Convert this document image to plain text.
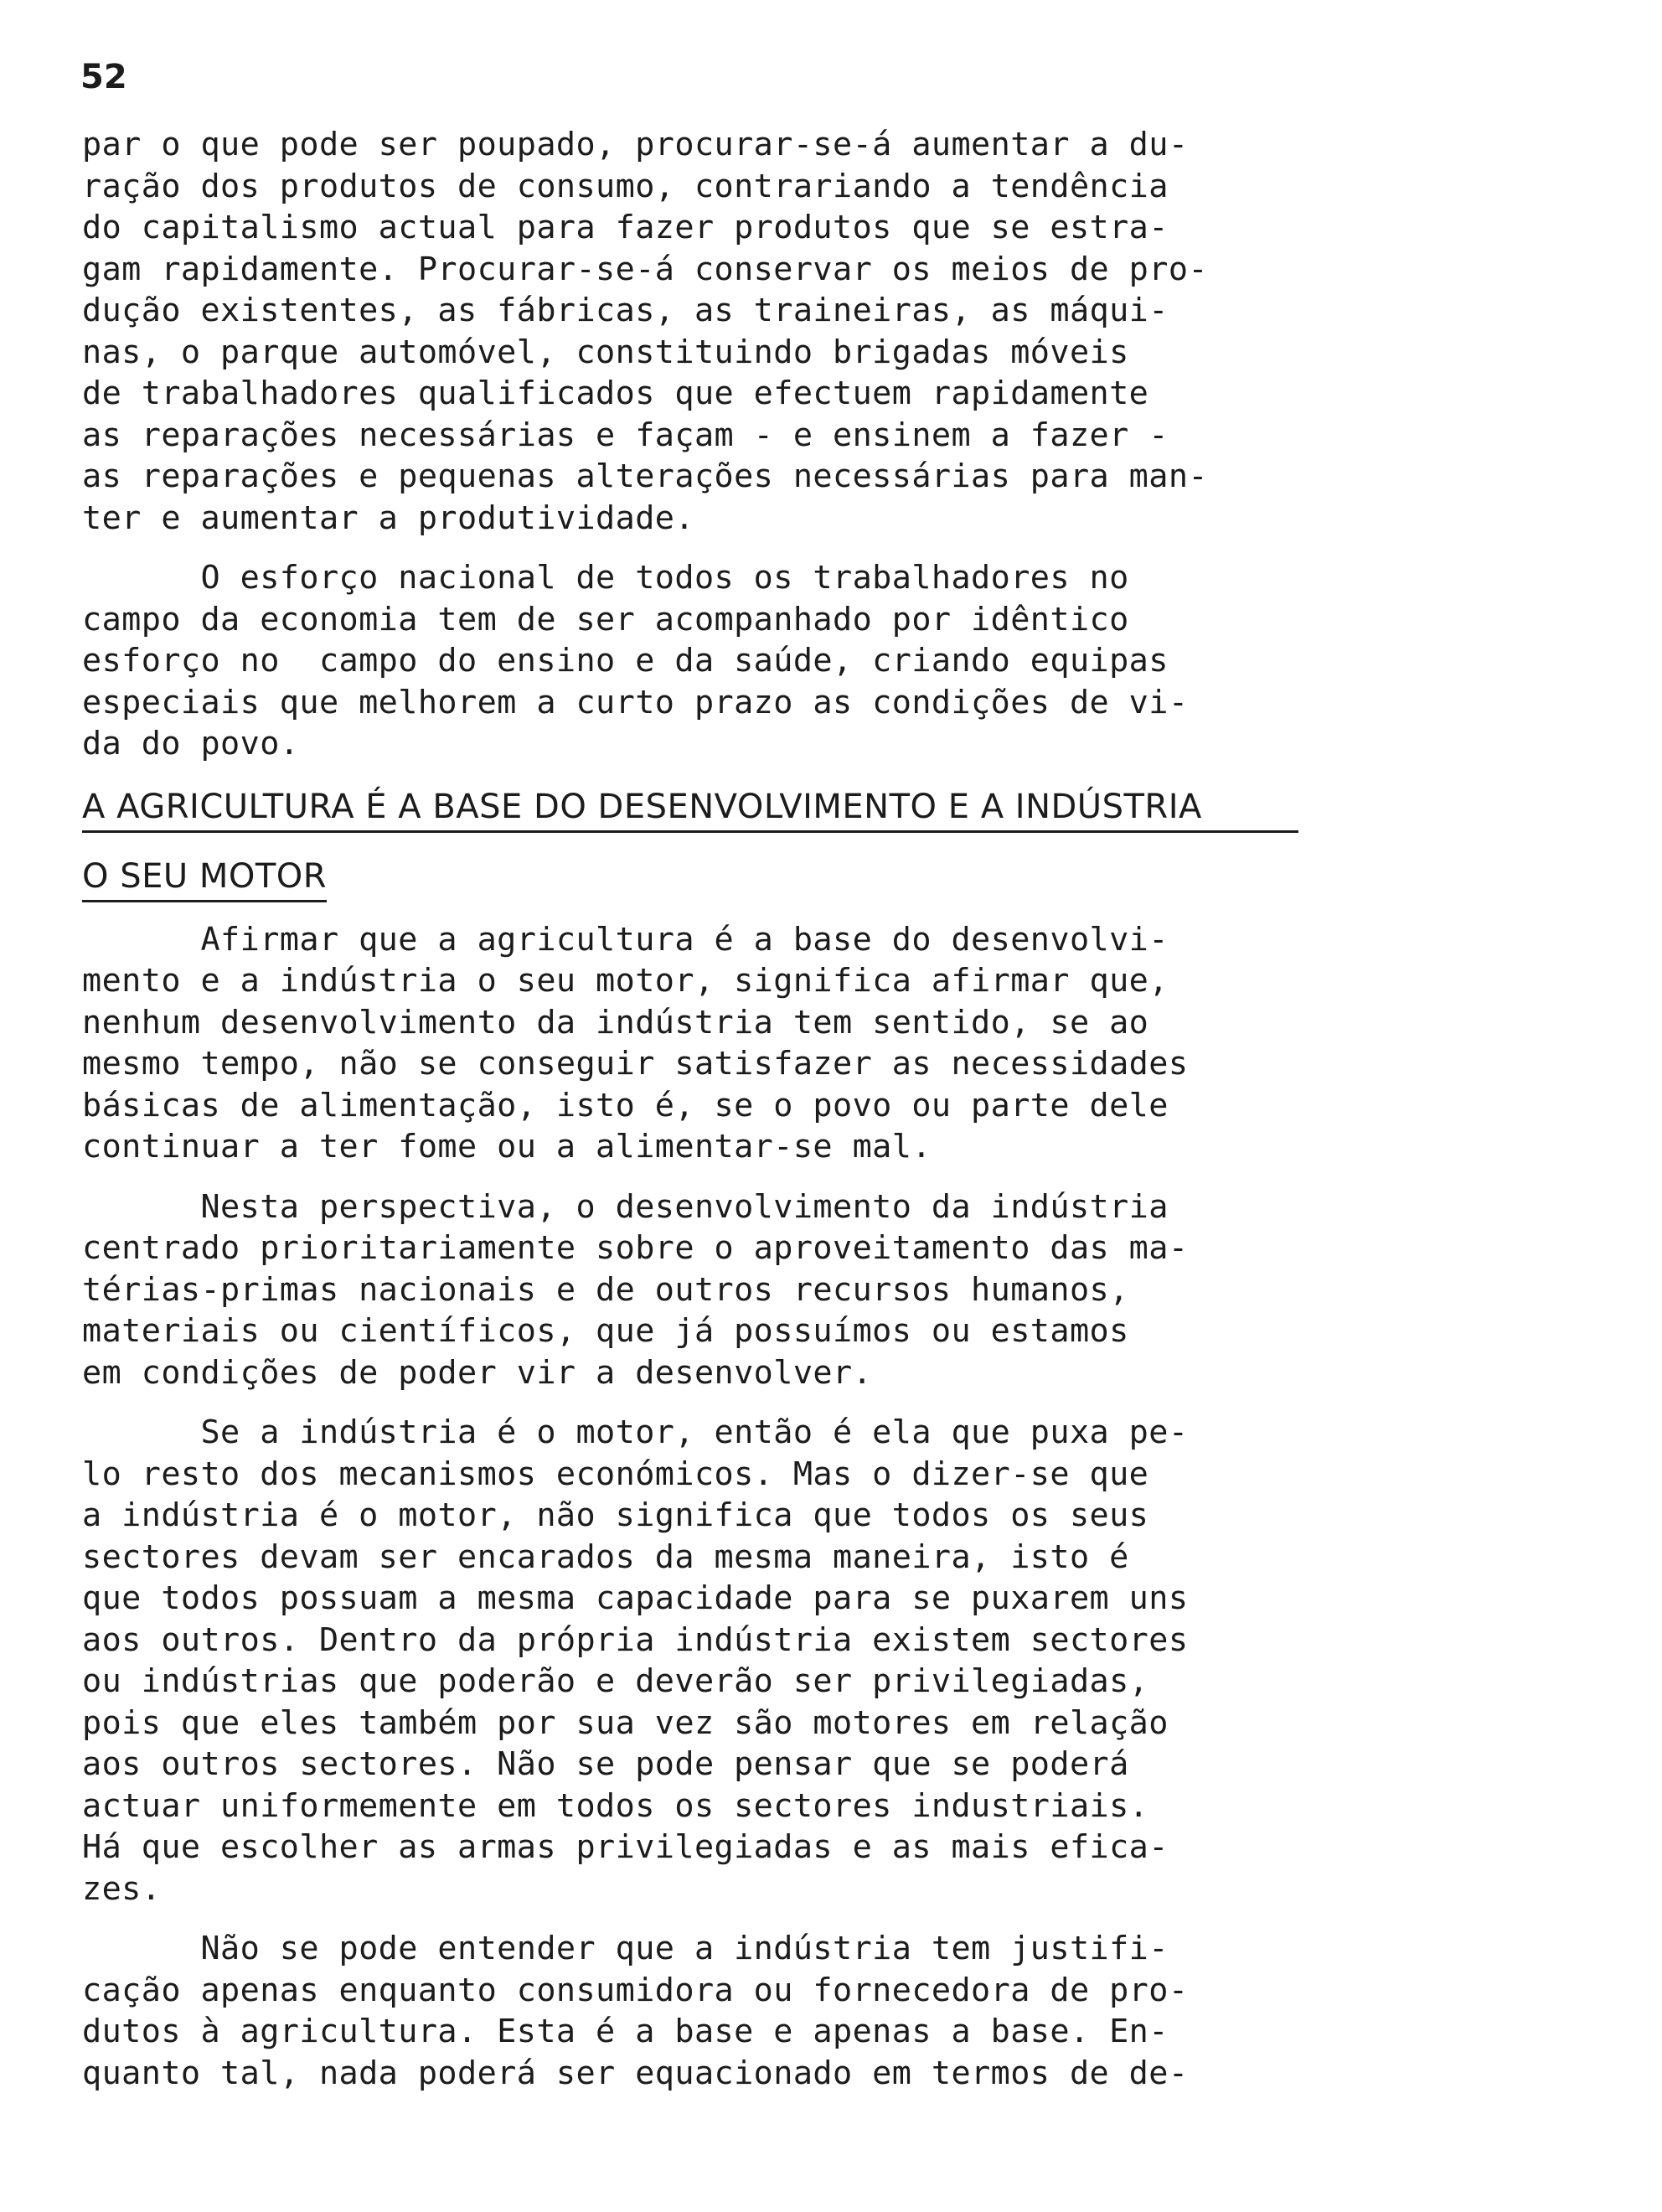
52
par o que pode ser poupado, procurar-se-á aumentar a du-
ração dos produtos de consumo, contrariando a tendência
do capitalismo actual para fazer produtos que se estra-
gam rapidamente. Procurar-se-á conservar os meios de pro-
dução existentes, as fábricas, as traineiras, as máqui-
nas, o parque automóvel, constituindo brigadas móveis
de trabalhadores qualificados que efectuem rapidamente
as reparações necessárias e façam - e ensinem a fazer -
as reparações e pequenas alterações necessárias para man-
ter e aumentar a produtividade.
O esforço nacional de todos os trabalhadores no
campo da economia tem de ser acompanhado por idêntico
esforço no  campo do ensino e da saúde, criando equipas
especiais que melhorem a curto prazo as condições de vi-
da do povo.
A AGRICULTURA É A BASE DO DESENVOLVIMENTO E A INDÚSTRIA
O SEU MOTOR
Afirmar que a agricultura é a base do desenvolvi-
mento e a indústria o seu motor, significa afirmar que,
nenhum desenvolvimento da indústria tem sentido, se ao
mesmo tempo, não se conseguir satisfazer as necessidades
básicas de alimentação, isto é, se o povo ou parte dele
continuar a ter fome ou a alimentar-se mal.
Nesta perspectiva, o desenvolvimento da indústria
centrado prioritariamente sobre o aproveitamento das ma-
térias-primas nacionais e de outros recursos humanos,
materiais ou científicos, que já possuímos ou estamos
em condições de poder vir a desenvolver.
Se a indústria é o motor, então é ela que puxa pe-
lo resto dos mecanismos económicos. Mas o dizer-se que
a indústria é o motor, não significa que todos os seus
sectores devam ser encarados da mesma maneira, isto é
que todos possuam a mesma capacidade para se puxarem uns
aos outros. Dentro da própria indústria existem sectores
ou indústrias que poderão e deverão ser privilegiadas,
pois que eles também por sua vez são motores em relação
aos outros sectores. Não se pode pensar que se poderá
actuar uniformemente em todos os sectores industriais.
Há que escolher as armas privilegiadas e as mais efica-
zes.
Não se pode entender que a indústria tem justifi-
cação apenas enquanto consumidora ou fornecedora de pro-
dutos à agricultura. Esta é a base e apenas a base. En-
quanto tal, nada poderá ser equacionado em termos de de-
